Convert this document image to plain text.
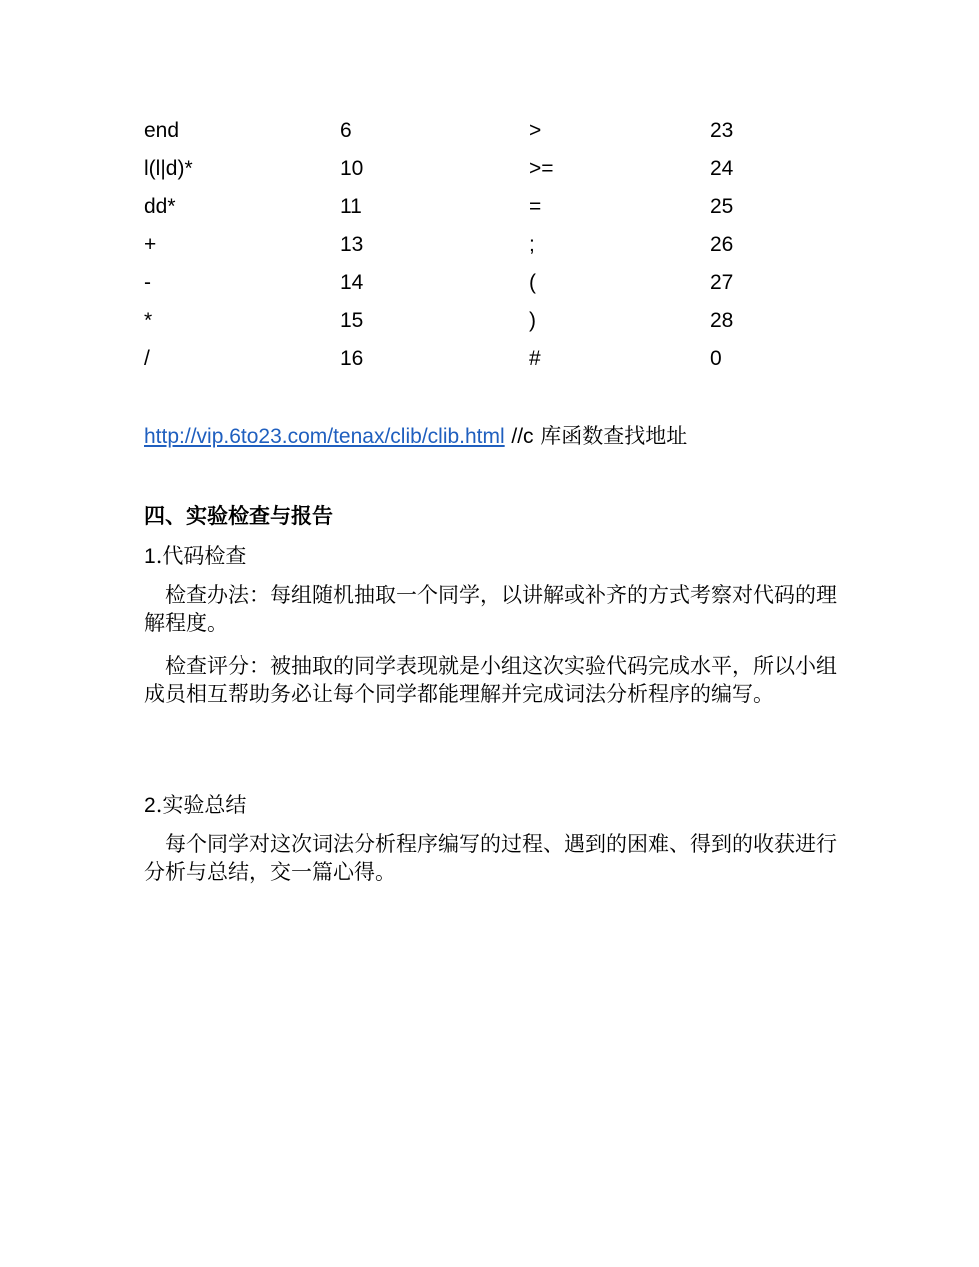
end	6	>	23
l(l|d)*	10	>=	24
dd*	11	=	25
+	13	;	26
-	14	(	27
*	15	)	28
/	16	#	0
http://vip.6to23.com/tenax/clib/clib.html //c 库函数查找地址
四、实验检查与报告

1.代码检查

检查办法：每组随机抽取一个同学，以讲解或补齐的方式考察对代码的理解程度。

检查评分：被抽取的同学表现就是小组这次实验代码完成水平，所以小组成员相互帮助务必让每个同学都能理解并完成词法分析程序的编写。

2.实验总结

每个同学对这次词法分析程序编写的过程、遇到的困难、得到的收获进行分析与总结，交一篇心得。
